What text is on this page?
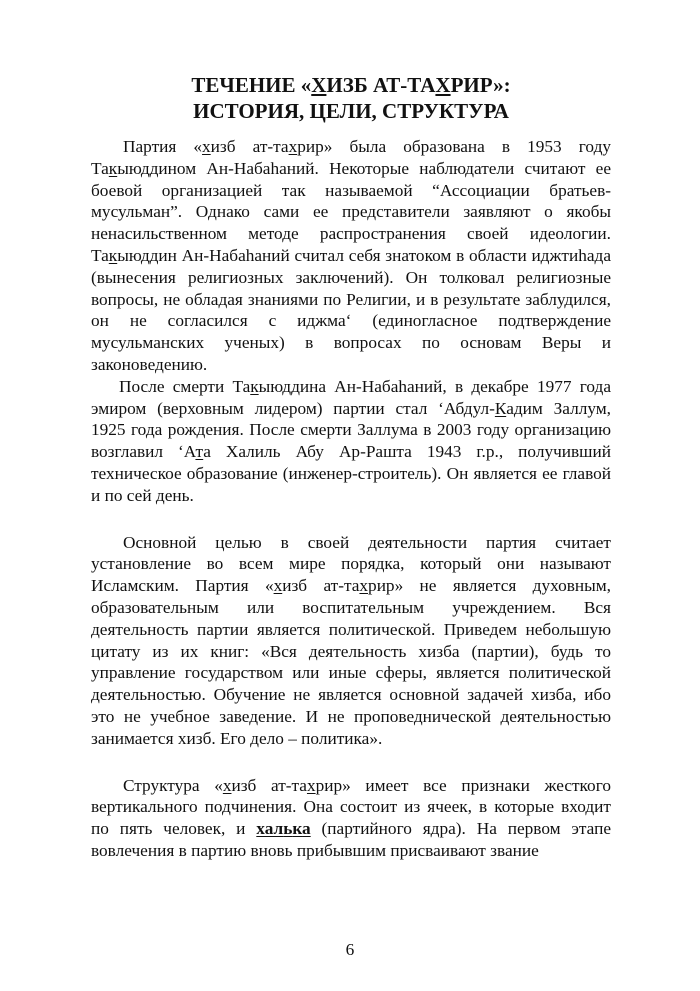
ТЕЧЕНИЕ «ХИЗБ АТ-ТАХРИР»:
ИСТОРИЯ, ЦЕЛИ, СТРУКТУРА

Партия «хизб ат-тахрир» была образована в 1953 году Такыюддином Ан-Набаhаний. Некоторые наблюдатели считают ее боевой организацией так называемой “Ассоциации братьев-мусульман”. Однако сами ее представители заявляют о якобы ненасильственном методе распространения своей идеологии. Такыюддин Ан-Набаhаний считал себя знатоком в области иджтиhада (вынесения религиозных заключений). Он толковал религиозные вопросы, не обладая знаниями по Религии, и в результате заблудился, он не согласился с иджма‘ (единогласное подтверждение мусульманских ученых) в вопросах по основам Веры и законоведению.

После смерти Такыюддина Ан-Набаhаний, в декабре 1977 года эмиром (верховным лидером) партии стал ‘Абдул-Кадим Заллум, 1925 года рождения. После смерти Заллума в 2003 году организацию возглавил ‘Ата Халиль Абу Ар-Рашта 1943 г.р., получивший техническое образование (инженер-строитель). Он является ее главой и по сей день.

Основной целью в своей деятельности партия считает установление во всем мире порядка, который они называют Исламским. Партия «хизб ат-тахрир» не является духовным, образовательным или воспитательным учреждением. Вся деятельность партии является политической. Приведем небольшую цитату из их книг: «Вся деятельность хизба (партии), будь то управление государством или иные сферы, является политической деятельностью. Обучение не является основной задачей хизба, ибо это не учебное заведение. И не проповеднической деятельностью занимается хизб. Его дело – политика».

Структура «хизб ат-тахрир» имеет все признаки жесткого вертикального подчинения. Она состоит из ячеек, в которые входит по пять человек, и халька (партийного ядра). На первом этапе вовлечения в партию вновь прибывшим присваивают звание

6
